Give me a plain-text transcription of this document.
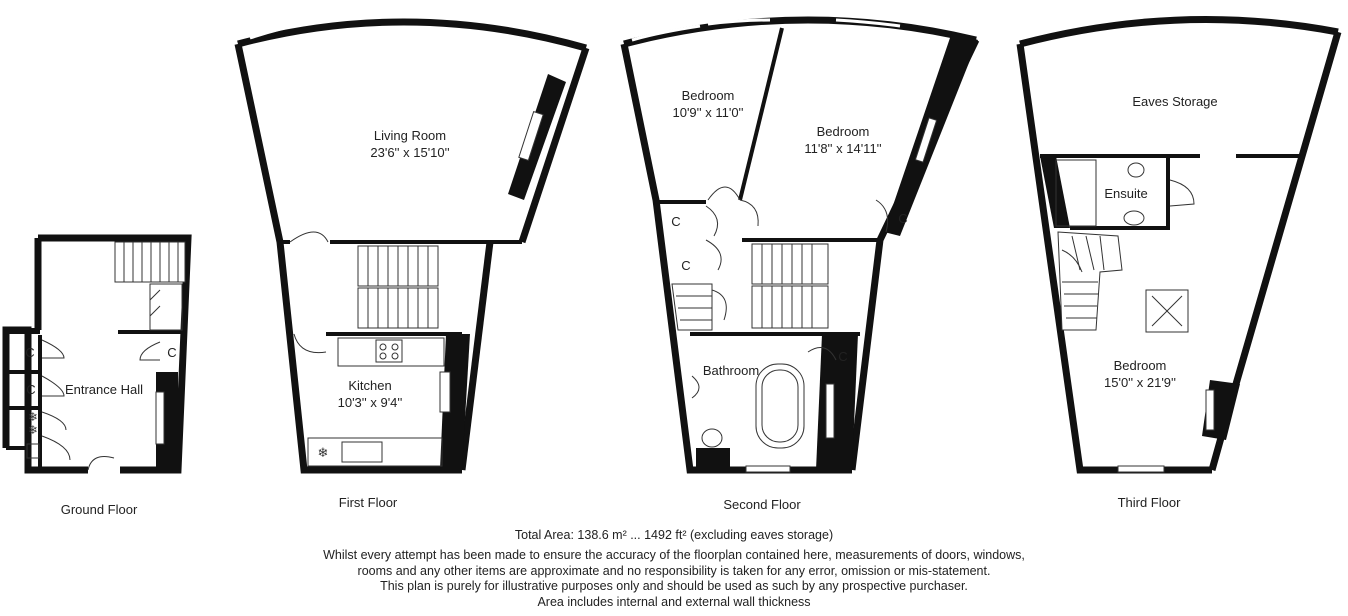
❄
❄
C	C
C Entrance Hall
❄
Living Room
23'6'' x 15'10''
Kitchen
10'3'' x 9'4''
C
C
C
C
Bedroom
10'9'' x 11'0''
Bedroom
11'8'' x 14'11''
Bathroom
Eaves Storage
Ensuite
Bedroom
15'0'' x 21'9''
Ground Floor	First Floor	Second Floor	Third Floor
Total Area: 138.6 m² ... 1492 ft² (excluding eaves storage)
Whilst every attempt has been made to ensure the accuracy of the floorplan contained here, measurements of doors, windows,
rooms and any other items are approximate and no responsibility is taken for any error, omission or mis-statement.
This plan is purely for illustrative purposes only and should be used as such by any prospective purchaser.
Area includes internal and external wall thickness
